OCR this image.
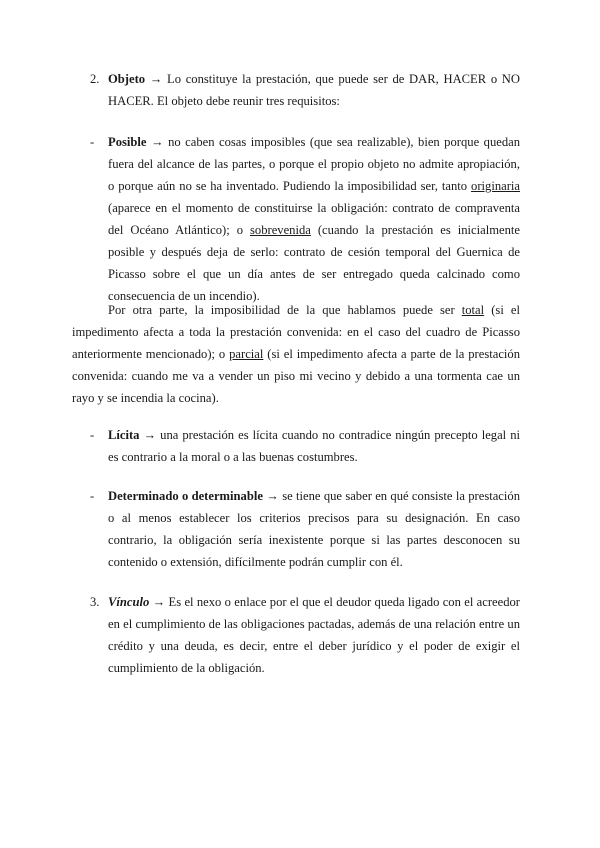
2. Objeto → Lo constituye la prestación, que puede ser de DAR, HACER o NO
HACER. El objeto debe reunir tres requisitos:
- Posible → no caben cosas imposibles (que sea realizable), bien porque quedan fuera del alcance de las partes, o porque el propio objeto no admite apropiación, o porque aún no se ha inventado. Pudiendo la imposibilidad ser, tanto originaria (aparece en el momento de constituirse la obligación: contrato de compraventa del Océano Atlántico); o sobrevenida (cuando la prestación es inicialmente posible y después deja de serlo: contrato de cesión temporal del Guernica de Picasso sobre el que un día antes de ser entregado queda calcinado como consecuencia de un incendio).
Por otra parte, la imposibilidad de la que hablamos puede ser total (si el impedimento afecta a toda la prestación convenida: en el caso del cuadro de Picasso anteriormente mencionado); o parcial (si el impedimento afecta a parte de la prestación convenida: cuando me va a vender un piso mi vecino y debido a una tormenta cae un rayo y se incendia la cocina).
- Lícita → una prestación es lícita cuando no contradice ningún precepto legal ni es contrario a la moral o a las buenas costumbres.
- Determinado o determinable → se tiene que saber en qué consiste la prestación o al menos establecer los criterios precisos para su designación. En caso contrario, la obligación sería inexistente porque si las partes desconocen su contenido o extensión, difícilmente podrán cumplir con él.
3. Vínculo → Es el nexo o enlace por el que el deudor queda ligado con el acreedor en el cumplimiento de las obligaciones pactadas, además de una relación entre un crédito y una deuda, es decir, entre el deber jurídico y el poder de exigir el cumplimiento de la obligación.
